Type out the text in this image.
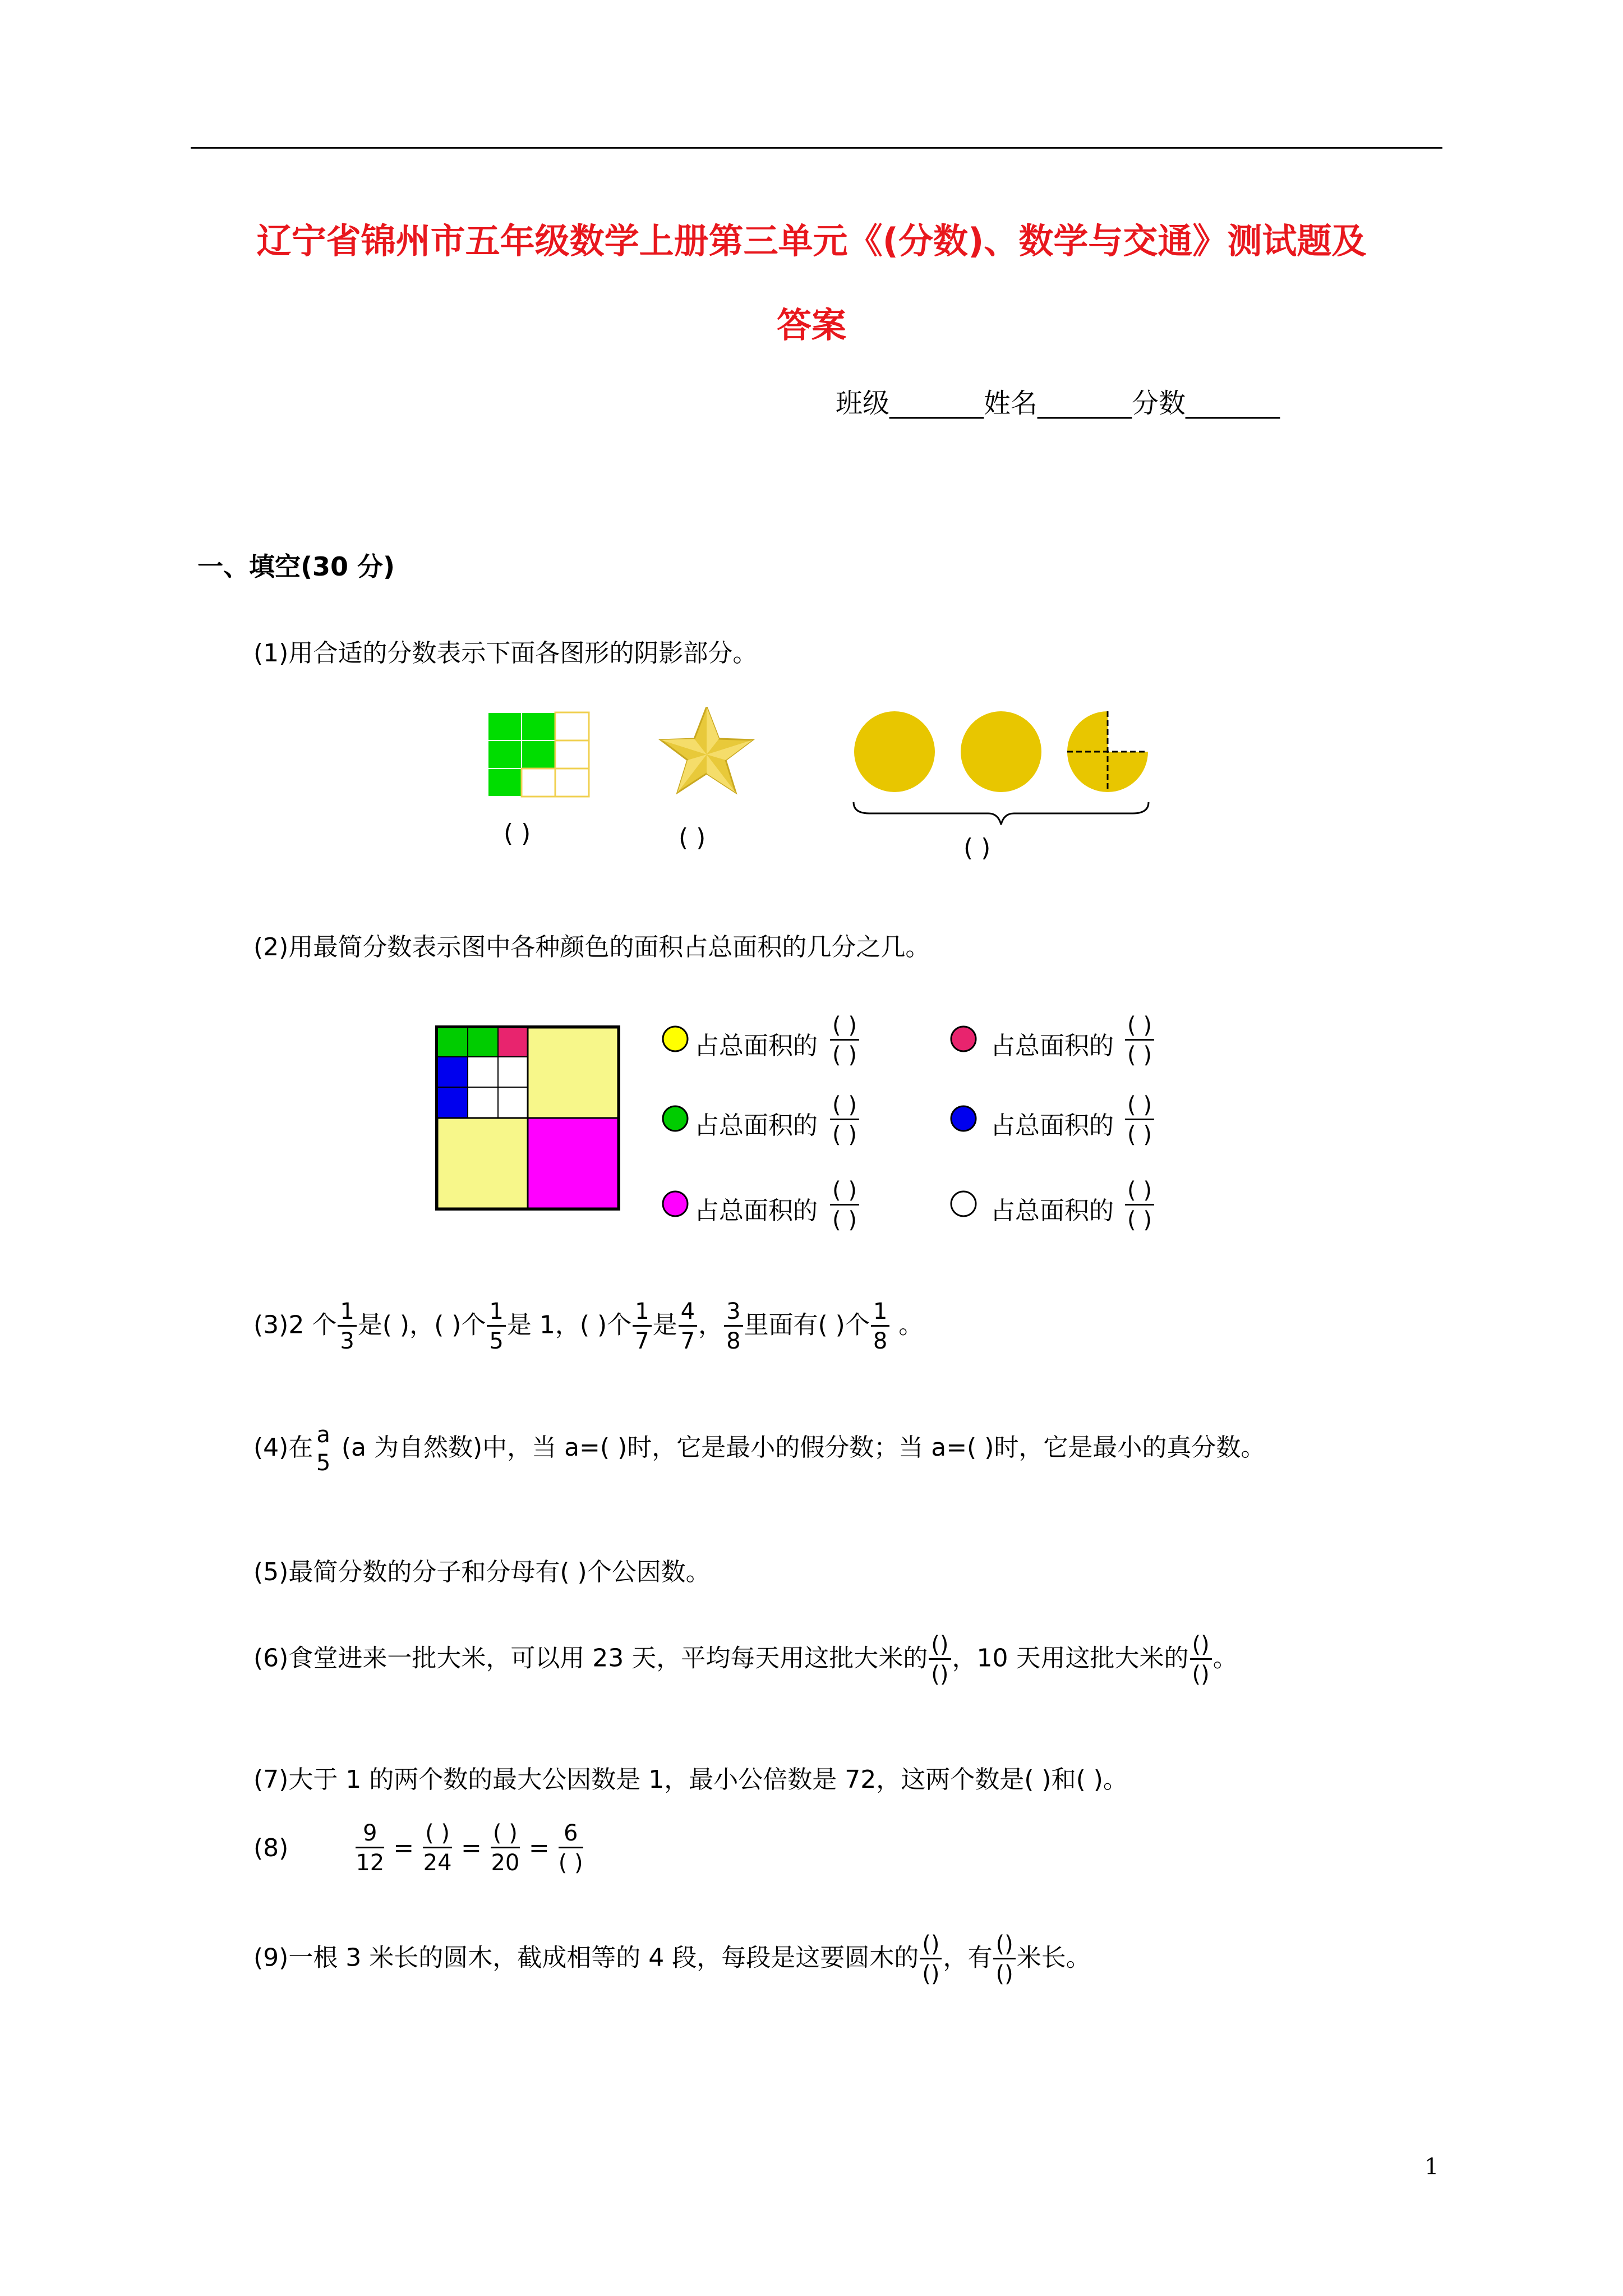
辽宁省锦州市五年级数学上册第三单元《(分数)、数学与交通》测试题及
答案
班级_______姓名_______分数_______
一、填空(30 分)
(1)用合适的分数表示下面各图形的阴影部分。
( )	( )	( )
(2)用最简分数表示图中各种颜色的面积占总面积的几分之几。
占总面积的
( )
( )
占总面积的
( )
( )
占总面积的
( )
( )
占总面积的
( )
( )
占总面积的
( )
( )
占总面积的
( )
( )
(3)2 个 $\frac{1}{3}$ 是( )，( )个 $\frac{1}{5}$ 是 1，( )个 $\frac{1}{7}$ 是 $\frac{4}{7}$ ， $\frac{3}{8}$ 里面有( )个 $\frac{1}{8}$ 。
(4)在 a
5
(a 为自然数)中，当 a=( )时，它是最小的假分数；当 a=( )时，它是最小的真分数。
(5)最简分数的分子和分母有( )个公因数。
(6)食堂进来一批大米，可以用 23 天，平均每天用这批大米的 $\frac{()}{()}$ ，10 天用这批大米的 $\frac{()}{()}$ 。
(7)大于 1 的两个数的最大公因数是 1，最小公倍数是 72，这两个数是( )和( )。
(8)	$\frac{9}{12} = \frac{( )}{24} = \frac{( )}{20} = \frac{6}{( )}$
(9)一根 3 米长的圆木，截成相等的 4 段，每段是这要圆木的 $\frac{()}{()}$ ，有 $\frac{()}{()}$ 米长。
1
